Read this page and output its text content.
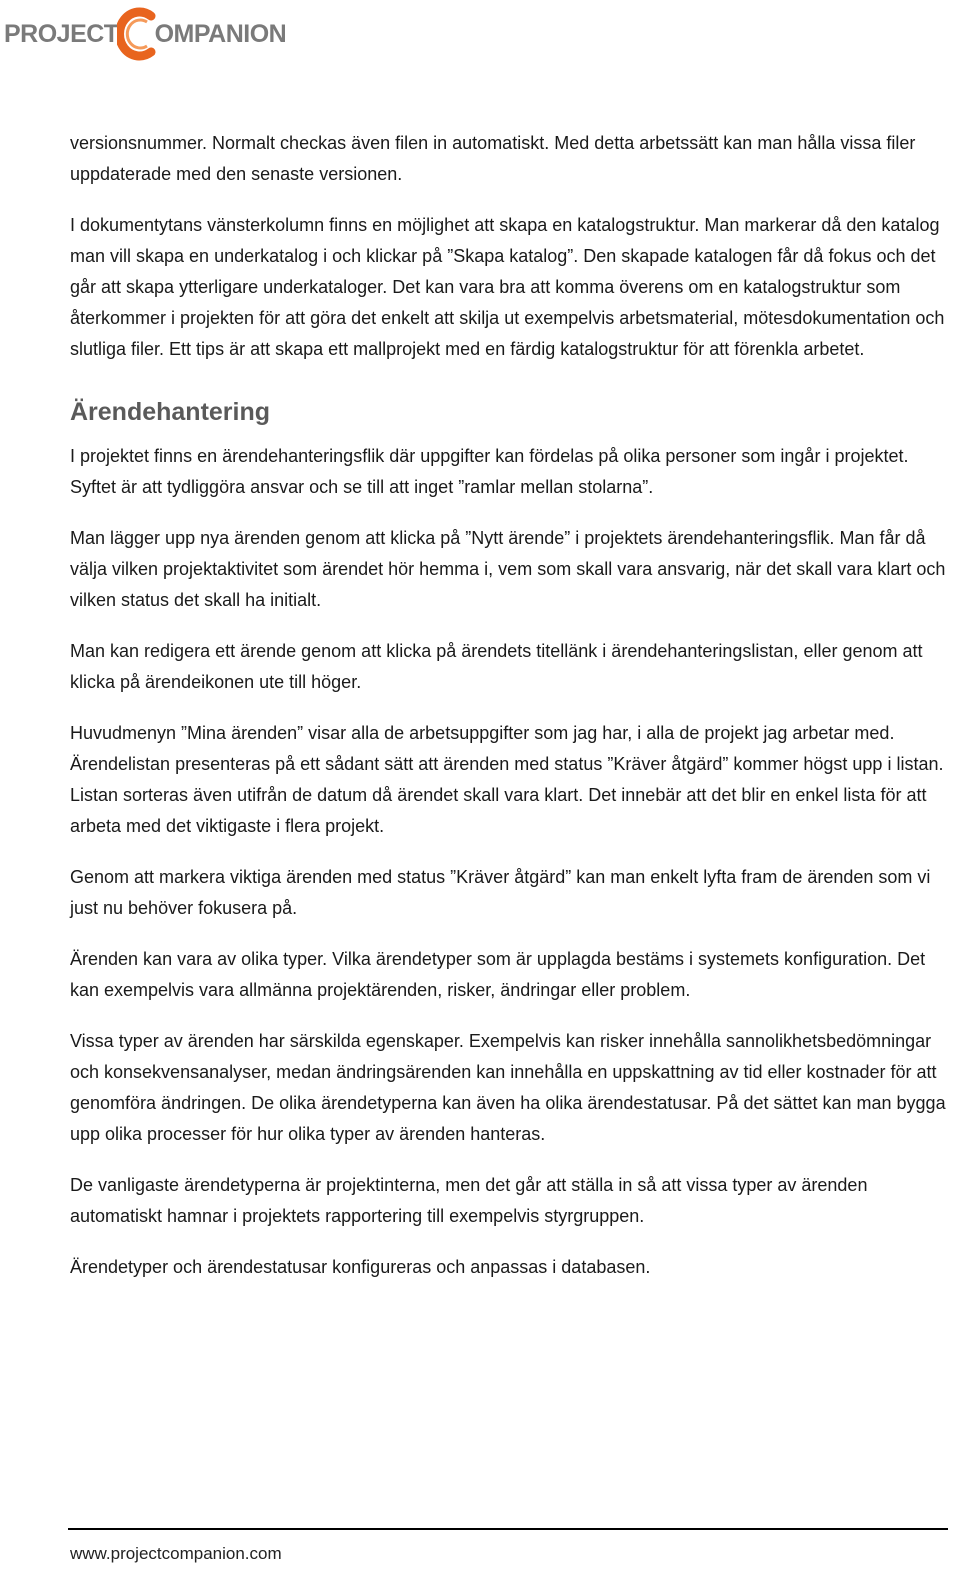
PROJECT OMPANION

versionsnummer. Normalt checkas även filen in automatiskt. Med detta arbetssätt kan man hålla vissa filer uppdaterade med den senaste versionen.

I dokumentytans vänsterkolumn finns en möjlighet att skapa en katalogstruktur. Man markerar då den katalog man vill skapa en underkatalog i och klickar på ”Skapa katalog”. Den skapade katalogen får då fokus och det går att skapa ytterligare underkataloger. Det kan vara bra att komma överens om en katalogstruktur som återkommer i projekten för att göra det enkelt att skilja ut exempelvis arbetsmaterial, mötesdokumentation och slutliga filer. Ett tips är att skapa ett mallprojekt med en färdig katalogstruktur för att förenkla arbetet.

Ärendehantering

I projektet finns en ärendehanteringsflik där uppgifter kan fördelas på olika personer som ingår i projektet. Syftet är att tydliggöra ansvar och se till att inget ”ramlar mellan stolarna”.

Man lägger upp nya ärenden genom att klicka på ”Nytt ärende” i projektets ärendehanteringsflik. Man får då välja vilken projektaktivitet som ärendet hör hemma i, vem som skall vara ansvarig, när det skall vara klart och vilken status det skall ha initialt.

Man kan redigera ett ärende genom att klicka på ärendets titellänk i ärendehanteringslistan, eller genom att klicka på ärendeikonen ute till höger.

Huvudmenyn ”Mina ärenden” visar alla de arbetsuppgifter som jag har, i alla de projekt jag arbetar med. Ärendelistan presenteras på ett sådant sätt att ärenden med status ”Kräver åtgärd” kommer högst upp i listan. Listan sorteras även utifrån de datum då ärendet skall vara klart. Det innebär att det blir en enkel lista för att arbeta med det viktigaste i flera projekt.

Genom att markera viktiga ärenden med status ”Kräver åtgärd” kan man enkelt lyfta fram de ärenden som vi just nu behöver fokusera på.

Ärenden kan vara av olika typer. Vilka ärendetyper som är upplagda bestäms i systemets konfiguration. Det kan exempelvis vara allmänna projektärenden, risker, ändringar eller problem.

Vissa typer av ärenden har särskilda egenskaper. Exempelvis kan risker innehålla sannolikhetsbedömningar och konsekvensanalyser, medan ändringsärenden kan innehålla en uppskattning av tid eller kostnader för att genomföra ändringen. De olika ärendetyperna kan även ha olika ärendestatusar. På det sättet kan man bygga upp olika processer för hur olika typer av ärenden hanteras.

De vanligaste ärendetyperna är projektinterna, men det går att ställa in så att vissa typer av ärenden automatiskt hamnar i projektets rapportering till exempelvis styrgruppen.

Ärendetyper och ärendestatusar konfigureras och anpassas i databasen.

www.projectcompanion.com
